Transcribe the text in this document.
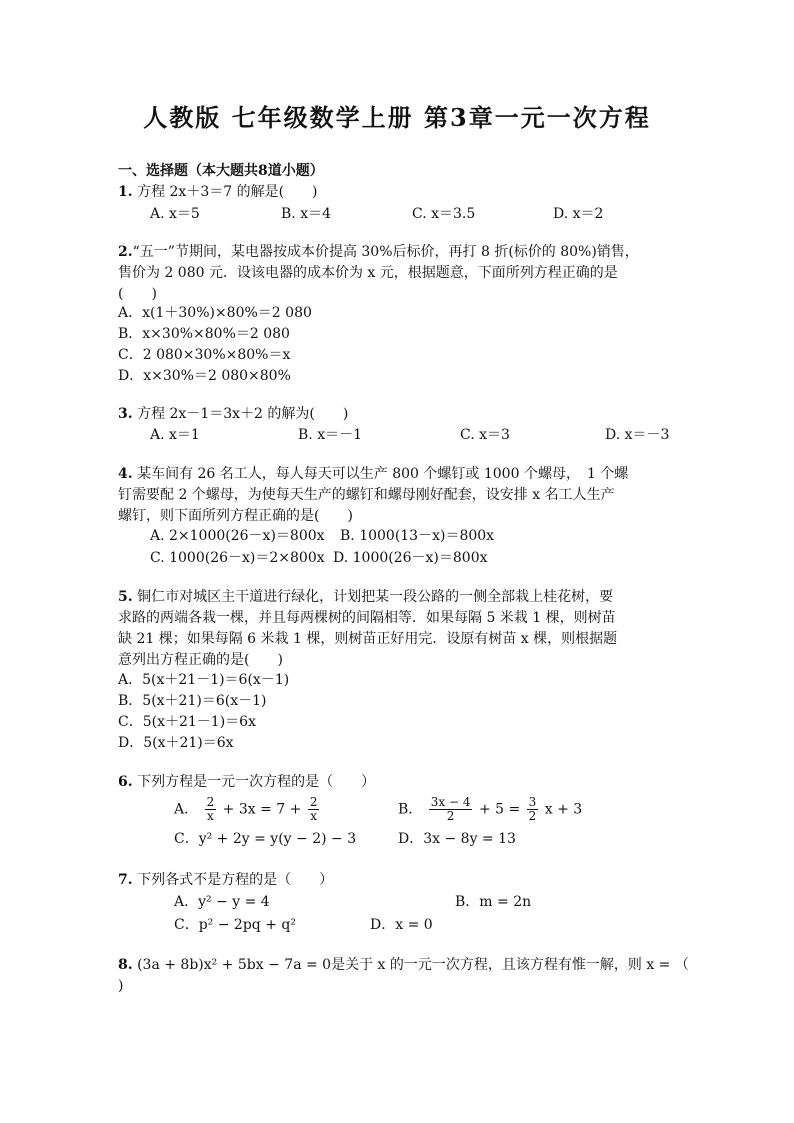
人教版 七年级数学上册 第3章一元一次方程
一、选择题（本大题共8道小题）
1. 方程 2x＋3＝7 的解是(　　)
A. x＝5	B. x＝4	C. x＝3.5	D. x＝2
2.“五一”节期间，某电器按成本价提高 30%后标价，再打 8 折(标价的 80%)销售，
售价为 2 080 元．设该电器的成本价为 x 元，根据题意，下面所列方程正确的是
(　　)
A．x(1＋30%)×80%＝2 080
B．x×30%×80%＝2 080
C．2 080×30%×80%＝x
D．x×30%＝2 080×80%
3. 方程 2x－1＝3x＋2 的解为(　　)
A. x＝1	B. x＝－1	C. x＝3	D. x＝－3
4. 某车间有 26 名工人，每人每天可以生产 800 个螺钉或 1000 个螺母，　1 个螺
钉需要配 2 个螺母，为使每天生产的螺钉和螺母刚好配套，设安排 x 名工人生产
螺钉，则下面所列方程正确的是(　　)
A. 2×1000(26－x)＝800x B. 1000(13－x)＝800x
C. 1000(26－x)＝2×800x D. 1000(26－x)＝800x
5. 铜仁市对城区主干道进行绿化，计划把某一段公路的一侧全部栽上桂花树，要
求路的两端各栽一棵，并且每两棵树的间隔相等．如果每隔 5 米栽 1 棵，则树苗
缺 21 棵；如果每隔 6 米栽 1 棵，则树苗正好用完．设原有树苗 x 棵，则根据题
意列出方程正确的是(　　)
A．5(x＋21－1)＝6(x－1)
B．5(x＋21)＝6(x－1)
C．5(x＋21－1)＝6x
D．5(x＋21)＝6x
6. 下列方程是一元一次方程的是（　　）
A． $\frac{2}{x} + 3x = 7 + \frac{2}{x}$	B． $\frac{3x - 4}{2} + 5 = \frac{3}{2}$ x + 3
C．y² + 2y = y(y − 2) − 3	D．3x − 8y = 13
7. 下列各式不是方程的是（　　）
A．y² − y = 4	B．m = 2n
C．p² − 2pq + q²	D．x = 0
8. (3a + 8b)x² + 5bx − 7a = 0是关于 x 的一元一次方程，且该方程有惟一解，则 x = （
)
